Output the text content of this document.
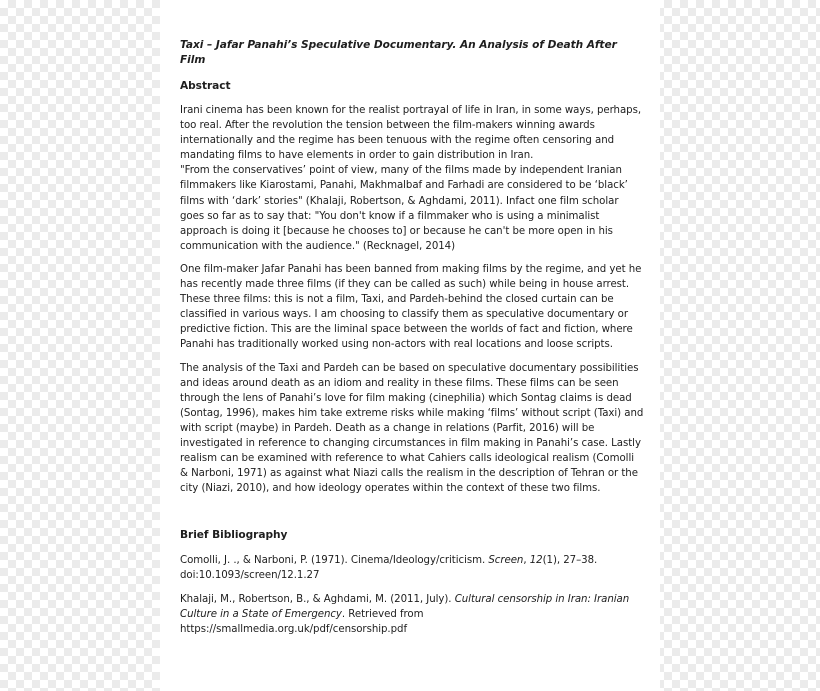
Taxi – Jafar Panahi’s Speculative Documentary. An Analysis of Death After Film
Abstract

Irani cinema has been known for the realist portrayal of life in Iran, in some ways, perhaps, too real. After the revolution the tension between the film-makers winning awards internationally and the regime has been tenuous with the regime often censoring and mandating films to have elements in order to gain distribution in Iran.
"From the conservatives’ point of view, many of the films made by independent Iranian filmmakers like Kiarostami, Panahi, Makhmalbaf and Farhadi are considered to be ‘black’ films with ‘dark’ stories" (Khalaji, Robertson, & Aghdami, 2011). Infact one film scholar goes so far as to say that: "You don't know if a filmmaker who is using a minimalist approach is doing it [because he chooses to] or because he can't be more open in his communication with the audience." (Recknagel, 2014)

One film-maker Jafar Panahi has been banned from making films by the regime, and yet he has recently made three films (if they can be called as such) while being in house arrest. These three films: this is not a film, Taxi, and Pardeh-behind the closed curtain can be classified in various ways. I am choosing to classify them as speculative documentary or predictive fiction. This are the liminal space between the worlds of fact and fiction, where Panahi has traditionally worked using non-actors with real locations and loose scripts.

The analysis of the Taxi and Pardeh can be based on speculative documentary possibilities and ideas around death as an idiom and reality in these films. These films can be seen through the lens of Panahi’s love for film making (cinephilia) which Sontag claims is dead (Sontag, 1996), makes him take extreme risks while making ‘films’ without script (Taxi) and with script (maybe) in Pardeh. Death as a change in relations (Parfit, 2016) will be investigated in reference to changing circumstances in film making in Panahi’s case. Lastly realism can be examined with reference to what Cahiers calls ideological realism (Comolli & Narboni, 1971) as against what Niazi calls the realism in the description of Tehran or the city (Niazi, 2010), and how ideology operates within the context of these two films.

Brief Bibliography

Comolli, J. ., & Narboni, P. (1971). Cinema/Ideology/criticism. Screen, 12(1), 27–38. doi:10.1093/screen/12.1.27

Khalaji, M., Robertson, B., & Aghdami, M. (2011, July). Cultural censorship in Iran: Iranian Culture in a State of Emergency. Retrieved from https://smallmedia.org.uk/pdf/censorship.pdf
